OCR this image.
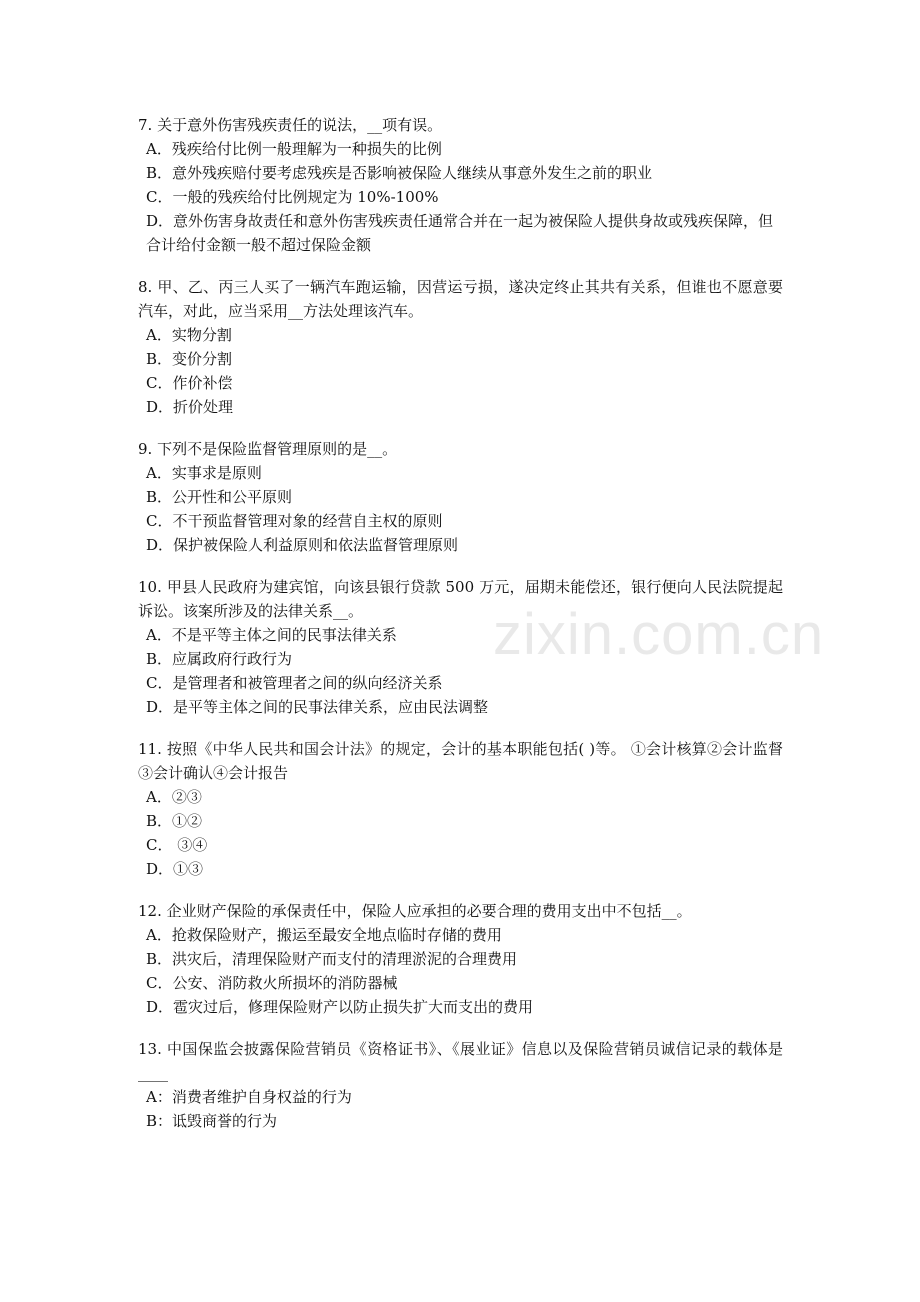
zixin.com.cn

7. 关于意外伤害残疾责任的说法，__项有误。

A．残疾给付比例一般理解为一种损失的比例

B．意外残疾赔付要考虑残疾是否影响被保险人继续从事意外发生之前的职业

C．一般的残疾给付比例规定为 10%-100%

D．意外伤害身故责任和意外伤害残疾责任通常合并在一起为被保险人提供身故或残疾保障，但合计给付金额一般不超过保险金额

8. 甲、乙、丙三人买了一辆汽车跑运输，因营运亏损，遂决定终止其共有关系，但谁也不愿意要汽车，对此，应当采用__方法处理该汽车。

A．实物分割

B．变价分割

C．作价补偿

D．折价处理

9. 下列不是保险监督管理原则的是__。

A．实事求是原则

B．公开性和公平原则

C．不干预监督管理对象的经营自主权的原则

D．保护被保险人利益原则和依法监督管理原则

10. 甲县人民政府为建宾馆，向该县银行贷款 500 万元，届期未能偿还，银行便向人民法院提起诉讼。该案所涉及的法律关系__。

A．不是平等主体之间的民事法律关系

B．应属政府行政行为

C．是管理者和被管理者之间的纵向经济关系

D．是平等主体之间的民事法律关系，应由民法调整

11. 按照《中华人民共和国会计法》的规定，会计的基本职能包括( )等。 ①会计核算②会计监督③会计确认④会计报告

A．②③

B．①②

C． ③④

D．①③

12. 企业财产保险的承保责任中，保险人应承担的必要合理的费用支出中不包括__。

A．抢救保险财产，搬运至最安全地点临时存储的费用

B．洪灾后，清理保险财产而支付的清理淤泥的合理费用

C．公安、消防救火所损坏的消防器械

D．雹灾过后，修理保险财产以防止损失扩大而支出的费用

13. 中国保监会披露保险营销员《资格证书》、《展业证》信息以及保险营销员诚信记录的载体是____

A：消费者维护自身权益的行为

B：诋毁商誉的行为
